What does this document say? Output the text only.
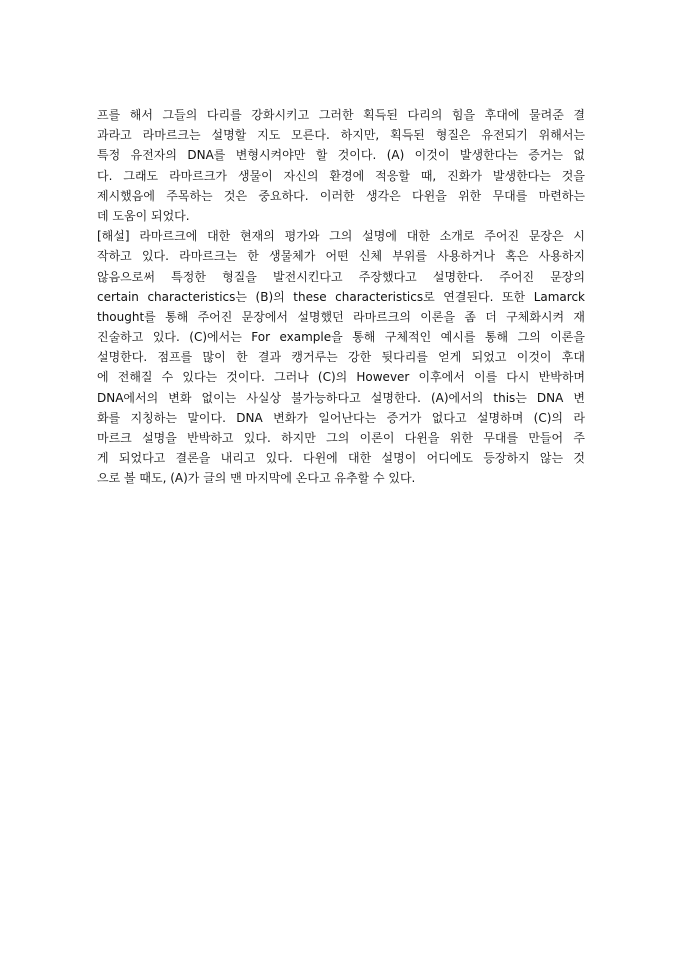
프를 해서 그들의 다리를 강화시키고 그러한 획득된 다리의 힘을 후대에 물려준 결
과라고 라마르크는 설명할 지도 모른다. 하지만, 획득된 형질은 유전되기 위해서는
특정 유전자의 DNA를 변형시켜야만 할 것이다. (A) 이것이 발생한다는 증거는 없
다. 그래도 라마르크가 생물이 자신의 환경에 적응할 때, 진화가 발생한다는 것을
제시했음에 주목하는 것은 중요하다. 이러한 생각은 다윈을 위한 무대를 마련하는
데 도움이 되었다.
[해설] 라마르크에 대한 현재의 평가와 그의 설명에 대한 소개로 주어진 문장은 시
작하고 있다. 라마르크는 한 생물체가 어떤 신체 부위를 사용하거나 혹은 사용하지
않음으로써 특정한 형질을 발전시킨다고 주장했다고 설명한다. 주어진 문장의
certain characteristics는 (B)의 these characteristics로 연결된다. 또한 Lamarck
thought를 통해 주어진 문장에서 설명했던 라마르크의 이론을 좀 더 구체화시켜 재
진술하고 있다. (C)에서는 For example을 통해 구체적인 예시를 통해 그의 이론을
설명한다. 점프를 많이 한 결과 캥거루는 강한 뒷다리를 얻게 되었고 이것이 후대
에 전해질 수 있다는 것이다. 그러나 (C)의 However 이후에서 이를 다시 반박하며
DNA에서의 변화 없이는 사실상 불가능하다고 설명한다. (A)에서의 this는 DNA 변
화를 지칭하는 말이다. DNA 변화가 일어난다는 증거가 없다고 설명하며 (C)의 라
마르크 설명을 반박하고 있다. 하지만 그의 이론이 다윈을 위한 무대를 만들어 주
게 되었다고 결론을 내리고 있다. 다윈에 대한 설명이 어디에도 등장하지 않는 것
으로 볼 때도, (A)가 글의 맨 마지막에 온다고 유추할 수 있다.
